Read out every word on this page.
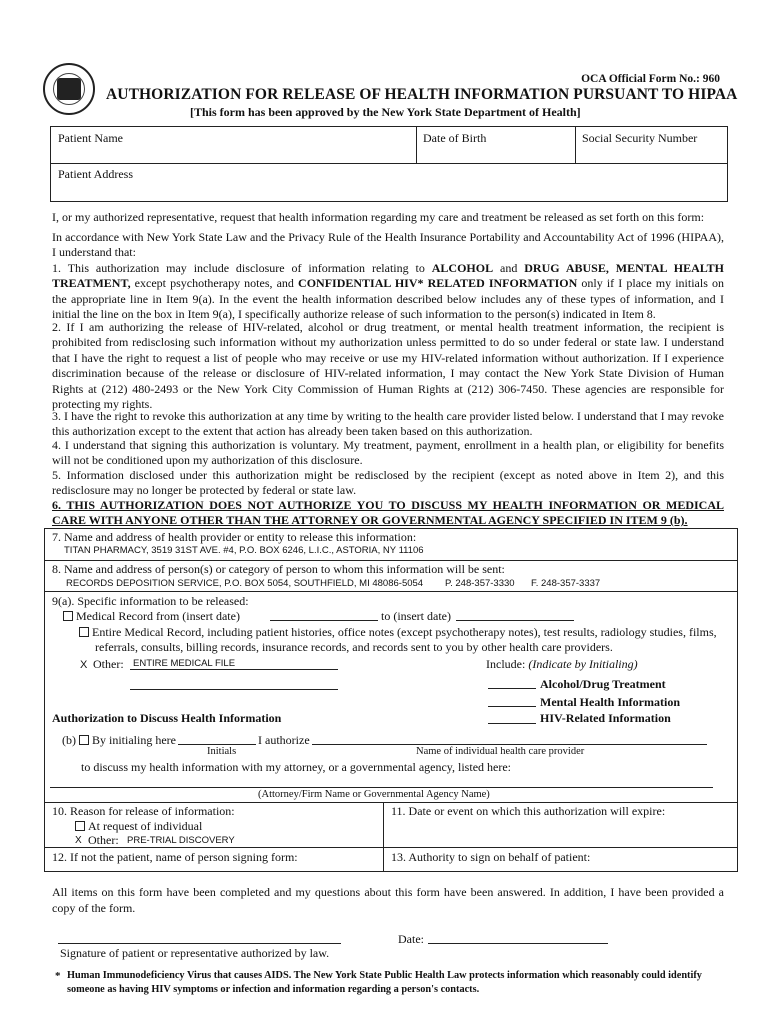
OCA Official Form No.: 960
AUTHORIZATION FOR RELEASE OF HEALTH INFORMATION PURSUANT TO HIPAA
[This form has been approved by the New York State Department of Health]
Patient Name	Date of Birth	Social Security Number
Patient Address
I, or my authorized representative, request that health information regarding my care and treatment be released as set forth on this form:
In accordance with New York State Law and the Privacy Rule of the Health Insurance Portability and Accountability Act of 1996 (HIPAA), I understand that:
1. This authorization may include disclosure of information relating to ALCOHOL and DRUG ABUSE, MENTAL HEALTH TREATMENT, except psychotherapy notes, and CONFIDENTIAL HIV* RELATED INFORMATION only if I place my initials on the appropriate line in Item 9(a). In the event the health information described below includes any of these types of information, and I initial the line on the box in Item 9(a), I specifically authorize release of such information to the person(s) indicated in Item 8.
2. If I am authorizing the release of HIV-related, alcohol or drug treatment, or mental health treatment information, the recipient is prohibited from redisclosing such information without my authorization unless permitted to do so under federal or state law. I understand that I have the right to request a list of people who may receive or use my HIV-related information without authorization. If I experience discrimination because of the release or disclosure of HIV-related information, I may contact the New York State Division of Human Rights at (212) 480-2493 or the New York City Commission of Human Rights at (212) 306-7450. These agencies are responsible for protecting my rights.
3. I have the right to revoke this authorization at any time by writing to the health care provider listed below. I understand that I may revoke this authorization except to the extent that action has already been taken based on this authorization.
4. I understand that signing this authorization is voluntary. My treatment, payment, enrollment in a health plan, or eligibility for benefits will not be conditioned upon my authorization of this disclosure.
5. Information disclosed under this authorization might be redisclosed by the recipient (except as noted above in Item 2), and this redisclosure may no longer be protected by federal or state law.
6. THIS AUTHORIZATION DOES NOT AUTHORIZE YOU TO DISCUSS MY HEALTH INFORMATION OR MEDICAL CARE WITH ANYONE OTHER THAN THE ATTORNEY OR GOVERNMENTAL AGENCY SPECIFIED IN ITEM 9 (b).
7. Name and address of health provider or entity to release this information:
TITAN PHARMACY, 3519 31ST AVE. #4, P.O. BOX 6246, L.I.C., ASTORIA, NY 11106
8. Name and address of person(s) or category of person to whom this information will be sent:
RECORDS DEPOSITION SERVICE, P.O. BOX 5054, SOUTHFIELD, MI 48086-5054 P. 248-357-3330 F. 248-357-3337
9(a). Specific information to be released:
Medical Record from (insert date)	to (insert date)
Entire Medical Record, including patient histories, office notes (except psychotherapy notes), test results, radiology studies, films, referrals, consults, billing records, insurance records, and records sent to you by other health care providers.
X Other: ENTIRE MEDICAL FILE	Include: (Indicate by Initialing)
Alcohol/Drug Treatment
Mental Health Information
HIV-Related Information
Authorization to Discuss Health Information
(b) By initialing here	I authorize
Initials	Name of individual health care provider
to discuss my health information with my attorney, or a governmental agency, listed here:
(Attorney/Firm Name or Governmental Agency Name)
10. Reason for release of information:
At request of individual
X Other: PRE-TRIAL DISCOVERY
11. Date or event on which this authorization will expire:
12. If not the patient, name of person signing form:	13. Authority to sign on behalf of patient:
All items on this form have been completed and my questions about this form have been answered. In addition, I have been provided a copy of the form.
Date:
Signature of patient or representative authorized by law.
* Human Immunodeficiency Virus that causes AIDS. The New York State Public Health Law protects information which reasonably could identify someone as having HIV symptoms or infection and information regarding a person's contacts.
